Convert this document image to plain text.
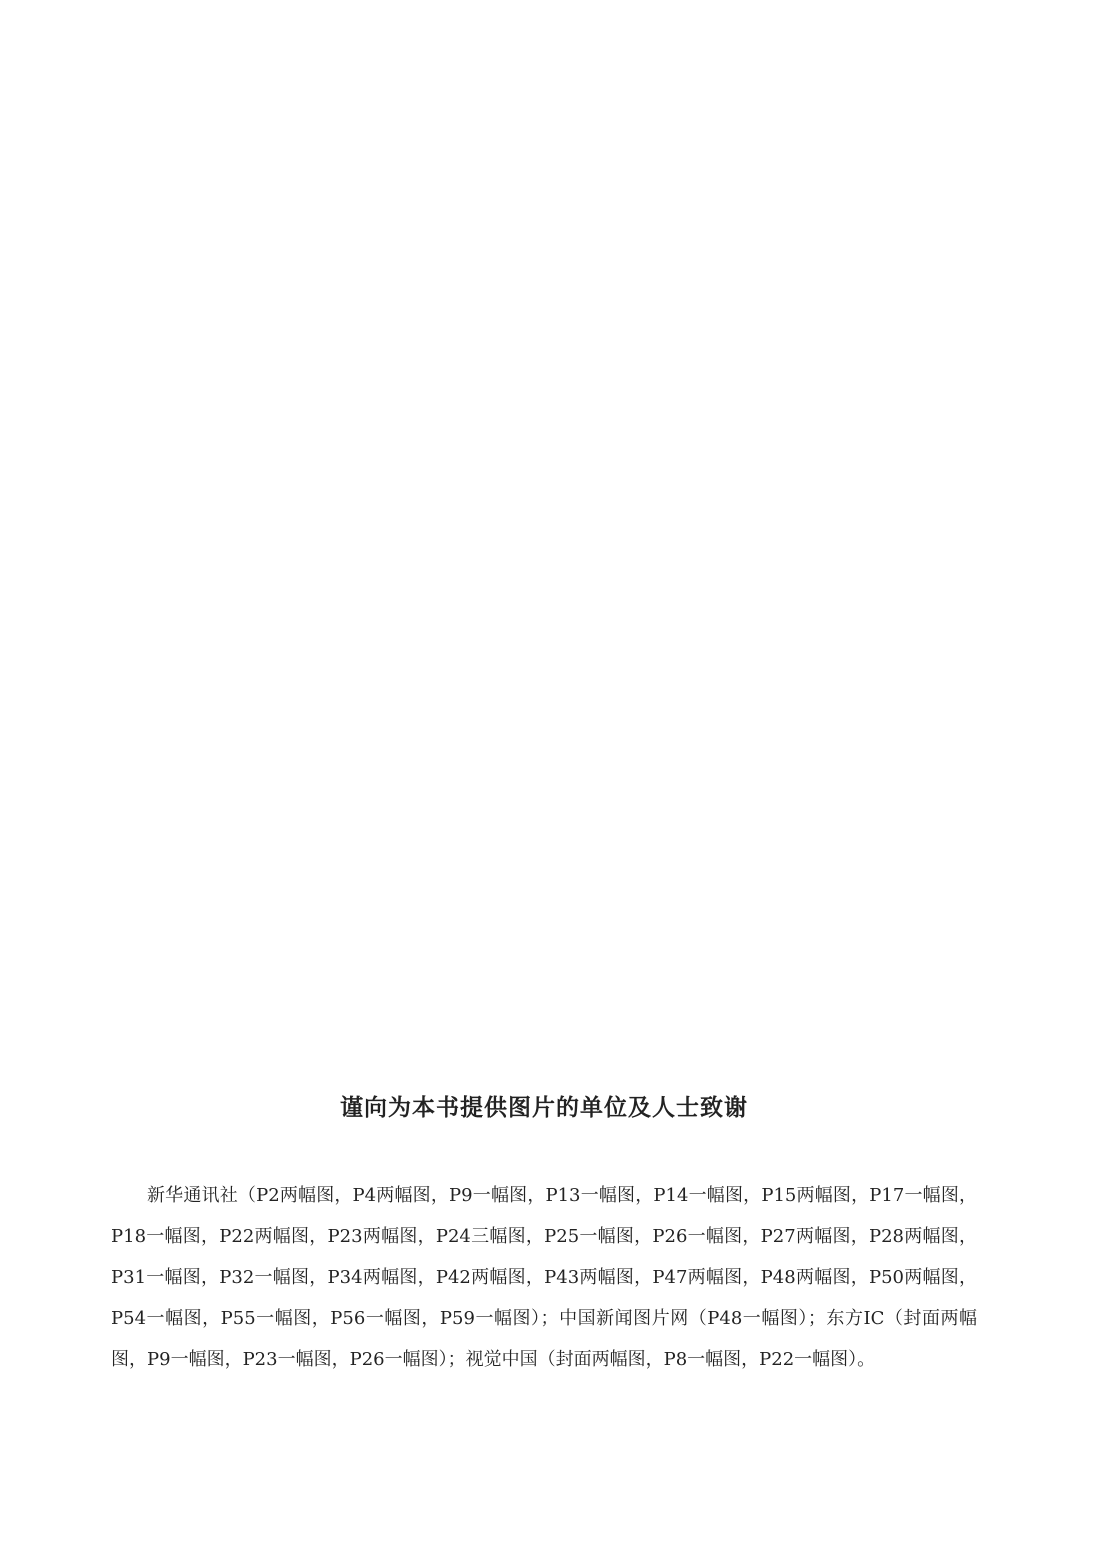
谨向为本书提供图片的单位及人士致谢

新华通讯社（P2两幅图，P4两幅图，P9一幅图，P13一幅图，P14一幅图，P15两幅图，P17一幅图，P18一幅图，P22两幅图，P23两幅图，P24三幅图，P25一幅图，P26一幅图，P27两幅图，P28两幅图，P31一幅图，P32一幅图，P34两幅图，P42两幅图，P43两幅图，P47两幅图，P48两幅图，P50两幅图，P54一幅图，P55一幅图，P56一幅图，P59一幅图）；中国新闻图片网（P48一幅图）；东方IC（封面两幅图，P9一幅图，P23一幅图，P26一幅图）；视觉中国（封面两幅图，P8一幅图，P22一幅图）。
